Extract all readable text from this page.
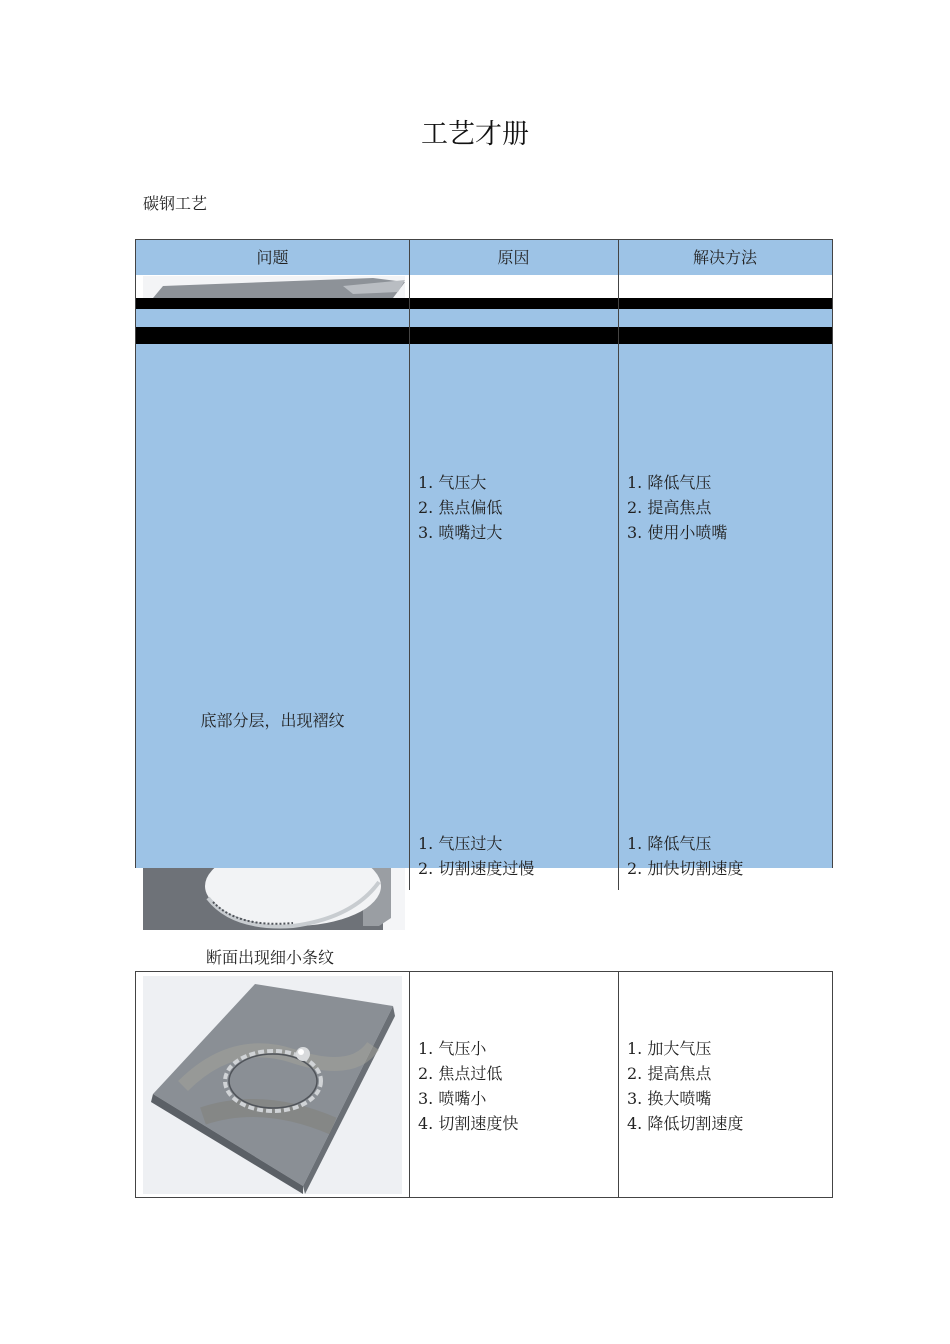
工艺才册
碳钢工艺
问题	原因	解决方法
1. 气压大
2. 焦点偏低
3. 喷嘴过大
1. 降低气压
2. 提高焦点
3. 使用小喷嘴
底部分层，出现褶纹
1. 气压过大
2. 切割速度过慢
1. 降低气压
2. 加快切割速度
断面出现细小条纹
1. 气压小
2. 焦点过低
3. 喷嘴小
4. 切割速度快
1. 加大气压
2. 提高焦点
3. 换大喷嘴
4. 降低切割速度
